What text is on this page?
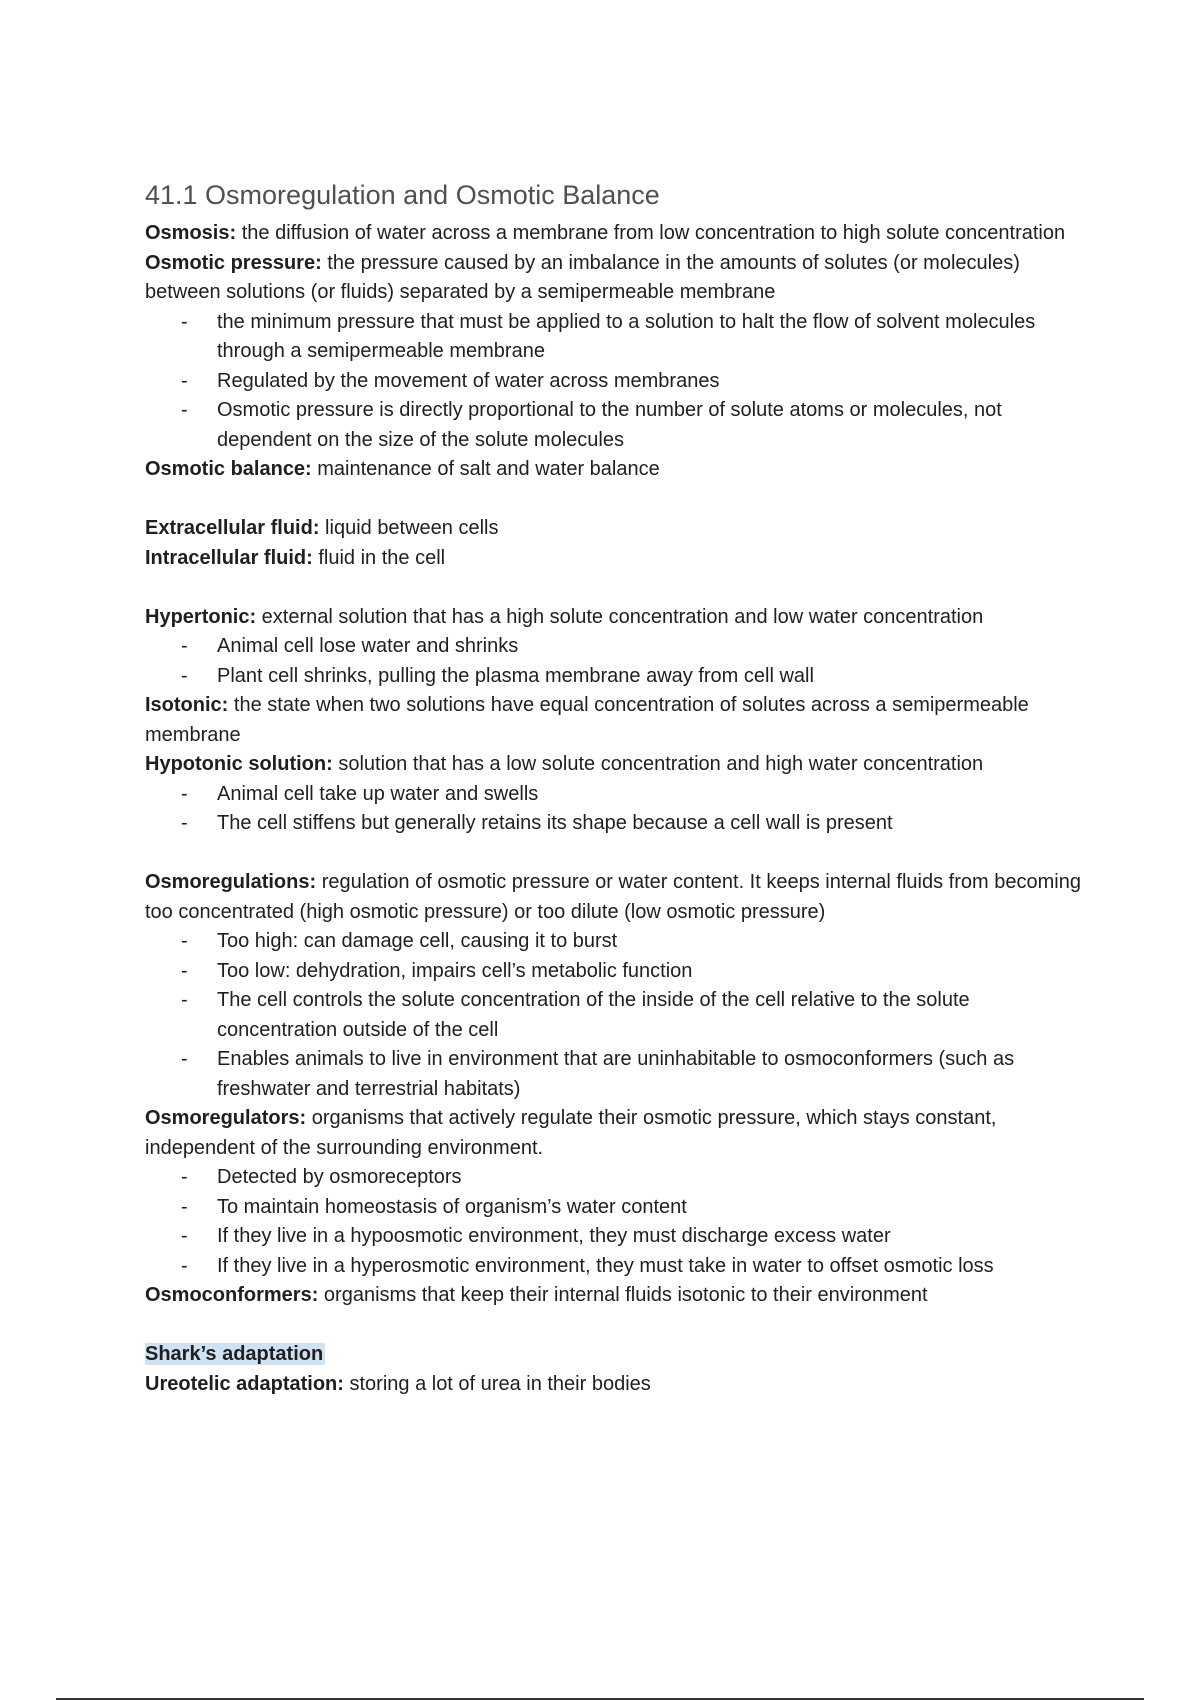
41.1 Osmoregulation and Osmotic Balance

Osmosis: the diffusion of water across a membrane from low concentration to high solute concentration

Osmotic pressure: the pressure caused by an imbalance in the amounts of solutes (or molecules) between solutions (or fluids) separated by a semipermeable membrane

- the minimum pressure that must be applied to a solution to halt the flow of solvent molecules through a semipermeable membrane
- Regulated by the movement of water across membranes
- Osmotic pressure is directly proportional to the number of solute atoms or molecules, not dependent on the size of the solute molecules

Osmotic balance: maintenance of salt and water balance

Extracellular fluid: liquid between cells

Intracellular fluid: fluid in the cell

Hypertonic: external solution that has a high solute concentration and low water concentration

- Animal cell lose water and shrinks
- Plant cell shrinks, pulling the plasma membrane away from cell wall

Isotonic: the state when two solutions have equal concentration of solutes across a semipermeable membrane

Hypotonic solution: solution that has a low solute concentration and high water concentration

- Animal cell take up water and swells
- The cell stiffens but generally retains its shape because a cell wall is present

Osmoregulations: regulation of osmotic pressure or water content. It keeps internal fluids from becoming too concentrated (high osmotic pressure) or too dilute (low osmotic pressure)

- Too high: can damage cell, causing it to burst
- Too low: dehydration, impairs cell’s metabolic function
- The cell controls the solute concentration of the inside of the cell relative to the solute concentration outside of the cell
- Enables animals to live in environment that are uninhabitable to osmoconformers (such as freshwater and terrestrial habitats)

Osmoregulators: organisms that actively regulate their osmotic pressure, which stays constant, independent of the surrounding environment.

- Detected by osmoreceptors
- To maintain homeostasis of organism’s water content
- If they live in a hypoosmotic environment, they must discharge excess water
- If they live in a hyperosmotic environment, they must take in water to offset osmotic loss

Osmoconformers: organisms that keep their internal fluids isotonic to their environment

Shark’s adaptation

Ureotelic adaptation: storing a lot of urea in their bodies
